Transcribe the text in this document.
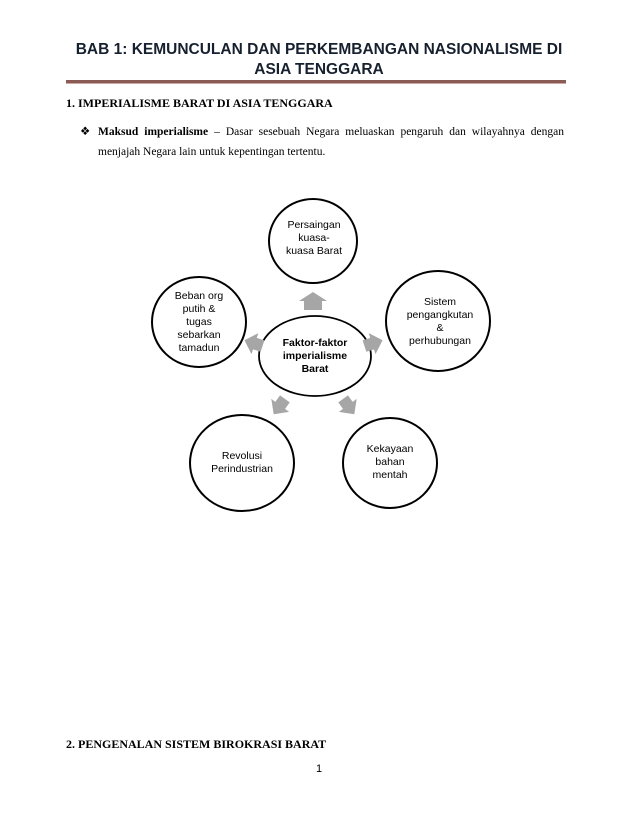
BAB 1: KEMUNCULAN DAN PERKEMBANGAN NASIONALISME DI
ASIA TENGGARA
1. IMPERIALISME BARAT DI ASIA TENGGARA
❖ Maksud imperialisme – Dasar sesebuah Negara meluaskan pengaruh dan wilayahnya dengan menjajah Negara lain untuk kepentingan tertentu.
Faktor-faktor
imperialisme
Barat
Persaingan
kuasa-
kuasa Barat
Sistem
pengangkutan
&
perhubungan
Kekayaan
bahan
mentah
Revolusi
Perindustrian
Beban org
putih &
tugas
sebarkan
tamadun
2. PENGENALAN SISTEM BIROKRASI BARAT
1
